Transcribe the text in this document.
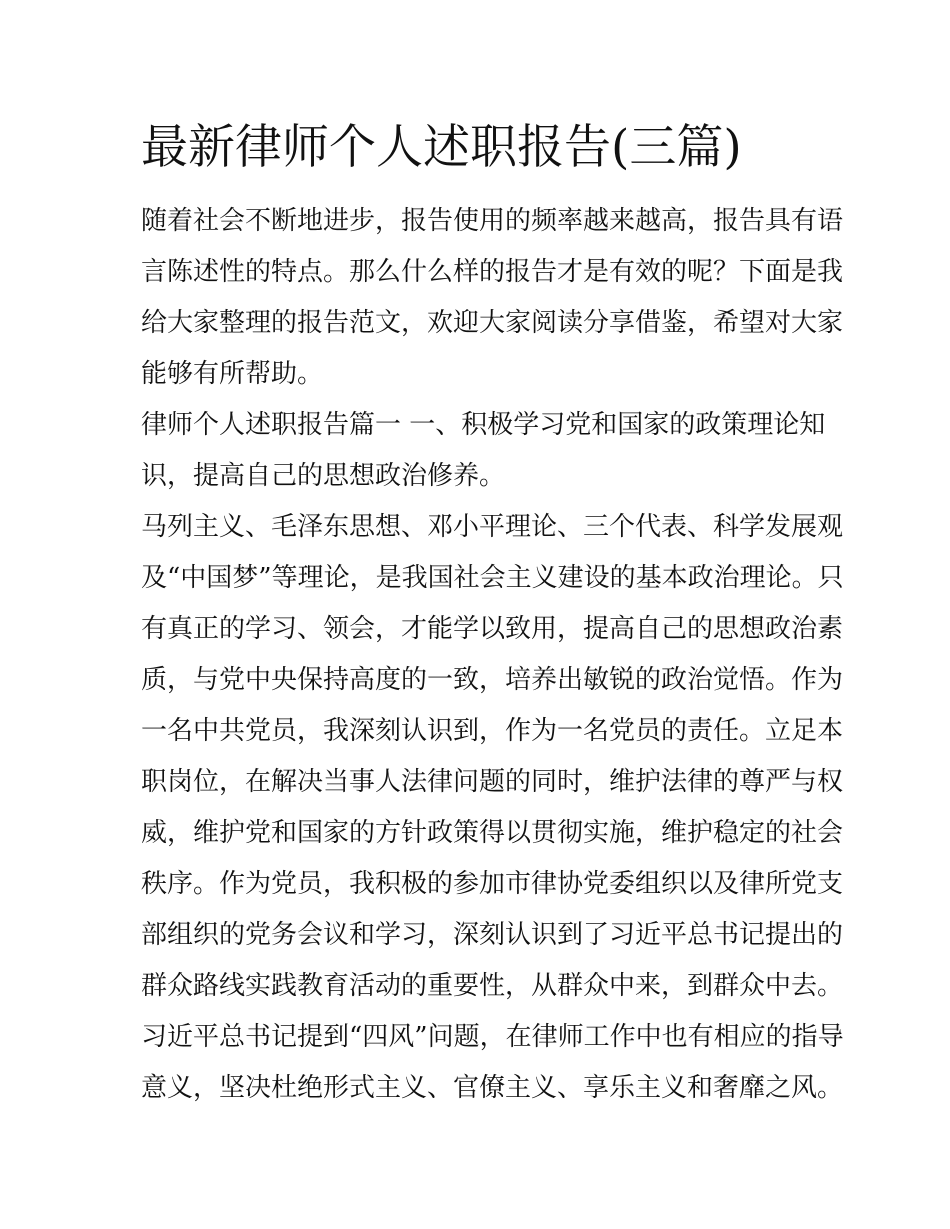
最新律师个人述职报告(三篇)
随着社会不断地进步，报告使用的频率越来越高，报告具有语
言陈述性的特点。那么什么样的报告才是有效的呢？下面是我
给大家整理的报告范文，欢迎大家阅读分享借鉴，希望对大家
能够有所帮助。
律师个人述职报告篇一 一、积极学习党和国家的政策理论知
识，提高自己的思想政治修养。
马列主义、毛泽东思想、邓小平理论、三个代表、科学发展观
及“中国梦”等理论，是我国社会主义建设的基本政治理论。只
有真正的学习、领会，才能学以致用，提高自己的思想政治素
质，与党中央保持高度的一致，培养出敏锐的政治觉悟。作为
一名中共党员，我深刻认识到，作为一名党员的责任。立足本
职岗位，在解决当事人法律问题的同时，维护法律的尊严与权
威，维护党和国家的方针政策得以贯彻实施，维护稳定的社会
秩序。作为党员，我积极的参加市律协党委组织以及律所党支
部组织的党务会议和学习，深刻认识到了习近平总书记提出的
群众路线实践教育活动的重要性，从群众中来，到群众中去。
习近平总书记提到“四风”问题，在律师工作中也有相应的指导
意义，坚决杜绝形式主义、官僚主义、享乐主义和奢靡之风。
